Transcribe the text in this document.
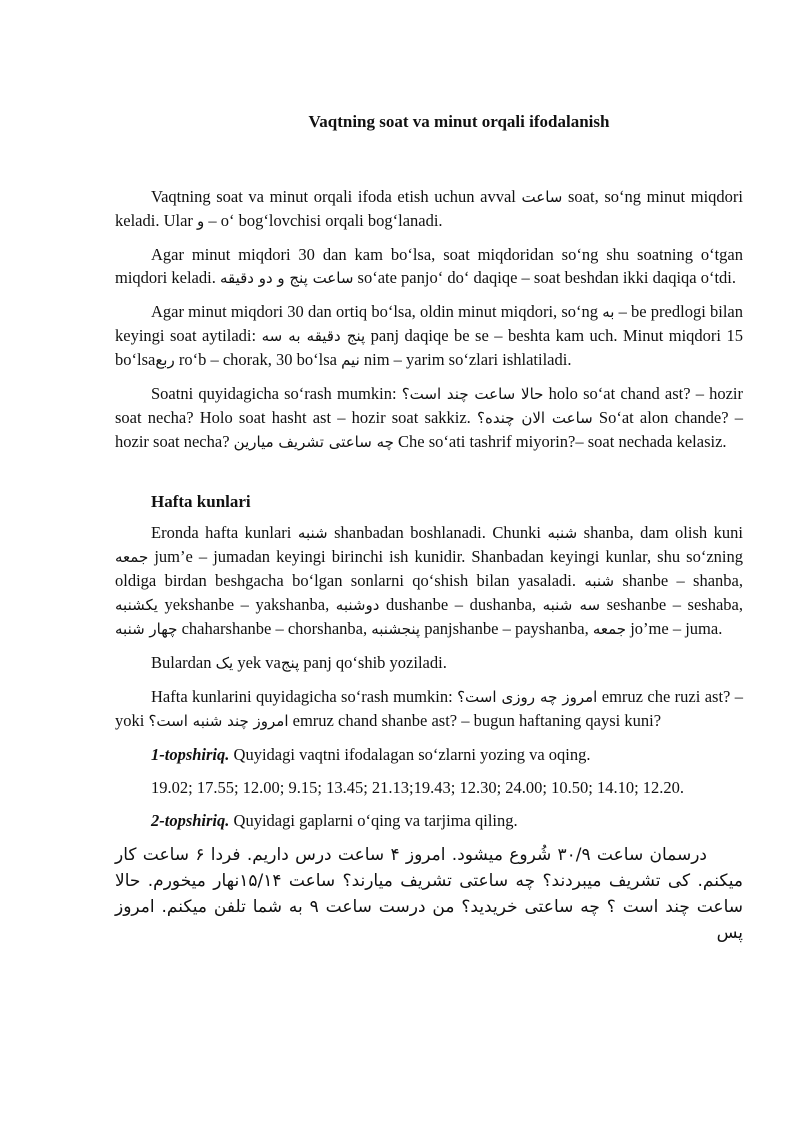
Vaqtning soat va minut orqali ifodalanish

Vaqtning soat va minut orqali ifoda etish uchun avval ساعت soat, so‘ng minut miqdori keladi. Ular و – o‘ bog‘lovchisi orqali bog‘lanadi.

Agar minut miqdori 30 dan kam bo‘lsa, soat miqdoridan so‘ng shu soatning o‘tgan miqdori keladi. ساعت پنج و دو دقیقه so‘ate panjo‘ do‘ daqiqe – soat beshdan ikki daqiqa o‘tdi.

Agar minut miqdori 30 dan ortiq bo‘lsa, oldin minut miqdori, so‘ng به – be predlogi bilan keyingi soat aytiladi: پنج دقیقه به سه panj daqiqe be se – beshta kam uch. Minut miqdori 15 bo‘lsaربع ro‘b – chorak, 30 bo‘lsa نیم nim – yarim so‘zlari ishlatiladi.

Soatni quyidagicha so‘rash mumkin: حالا ساعت چند است؟ holo so‘at chand ast? – hozir soat necha? Holo soat hasht ast – hozir soat sakkiz. ساعت الان چنده؟ So‘at alon chande? – hozir soat necha? چه ساعتی تشریف میارین Che so‘ati tashrif miyorin?– soat nechada kelasiz.

Hafta kunlari

Eronda hafta kunlari شنبه shanbadan boshlanadi. Chunki شنبه shanba, dam olish kuni جمعه jum’e – jumadan keyingi birinchi ish kunidir. Shanbadan keyingi kunlar, shu so‘zning oldiga birdan beshgacha bo‘lgan sonlarni qo‘shish bilan yasaladi. شنبه shanbe – shanba, یکشنبه yekshanbe – yakshanba, دوشنبه dushanbe – dushanba, سه شنبه seshanbe – seshaba, چهار شنبه chaharshanbe – chorshanba, پنجشنبه panjshanbe – payshanba, جمعه jo’me – juma.

Bulardan یک yek vaپنج panj qo‘shib yoziladi.

Hafta kunlarini quyidagicha so‘rash mumkin: امروز چه روزی است؟ emruz che ruzi ast? – yoki امروز چند شنبه است؟ emruz chand shanbe ast? – bugun haftaning qaysi kuni?

1-topshiriq. Quyidagi vaqtni ifodalagan so‘zlarni yozing va oqing.

19.02; 17.55; 12.00; 9.15; 13.45; 21.13;19.43; 12.30; 24.00; 10.50; 14.10; 12.20.

2-topshiriq. Quyidagi gaplarni o‘qing va tarjima qiling.

درسمان ساعت ۳۰/۹ شُروع میشود. امروز ۴ ساعت درس داریم. فردا ۶ ساعت کار میکنم. کی تشریف میبردند؟ چه ساعتی تشریف میارند؟ ساعت ۱۵/۱۴نهار میخورم. حالا ساعت چند است ؟ چه ساعتی خریدید؟ من درست ساعت ۹ به شما تلفن میکنم. امروز پس
